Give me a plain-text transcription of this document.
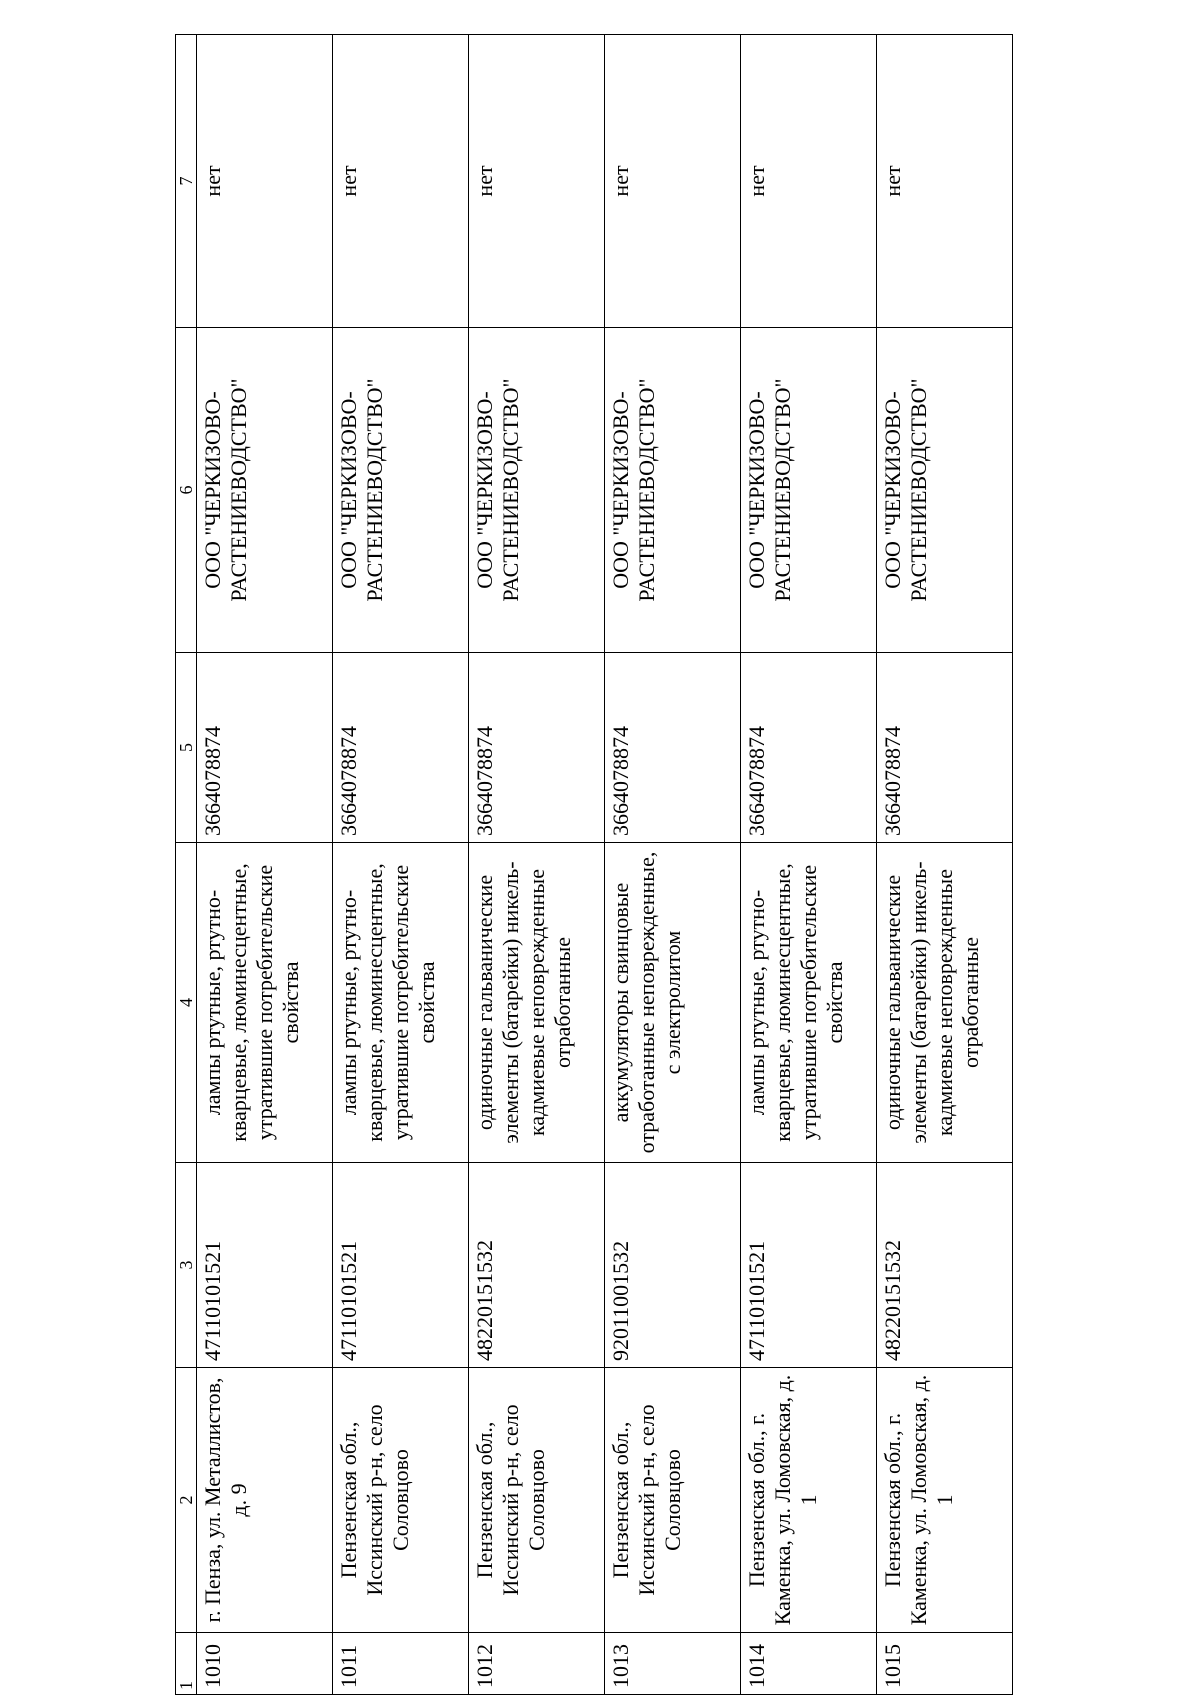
1	2	3	4	5	6	7
1010	г. Пенза, ул. Металлистов, д. 9	47110101521	лампы ртутные, ртутно-кварцевые, люминесцентные, утратившие потребительские свойства	3664078874	ООО "ЧЕРКИЗОВО-РАСТЕНИЕВОДСТВО"	нет
1011	Пензенская обл., Иссинский р-н, село Соловцово	47110101521	лампы ртутные, ртутно-кварцевые, люминесцентные, утратившие потребительские свойства	3664078874	ООО "ЧЕРКИЗОВО-РАСТЕНИЕВОДСТВО"	нет
1012	Пензенская обл., Иссинский р-н, село Соловцово	48220151532	одиночные гальванические элементы (батарейки) никель-кадмиевые неповрежденные отработанные	3664078874	ООО "ЧЕРКИЗОВО-РАСТЕНИЕВОДСТВО"	нет
1013	Пензенская обл., Иссинский р-н, село Соловцово	92011001532	аккумуляторы свинцовые отработанные неповрежденные, с электролитом	3664078874	ООО "ЧЕРКИЗОВО-РАСТЕНИЕВОДСТВО"	нет
1014	Пензенская обл., г. Каменка, ул. Ломовская, д. 1	47110101521	лампы ртутные, ртутно-кварцевые, люминесцентные, утратившие потребительские свойства	3664078874	ООО "ЧЕРКИЗОВО-РАСТЕНИЕВОДСТВО"	нет
1015	Пензенская обл., г. Каменка, ул. Ломовская, д. 1	48220151532	одиночные гальванические элементы (батарейки) никель-кадмиевые неповрежденные отработанные	3664078874	ООО "ЧЕРКИЗОВО-РАСТЕНИЕВОДСТВО"	нет
